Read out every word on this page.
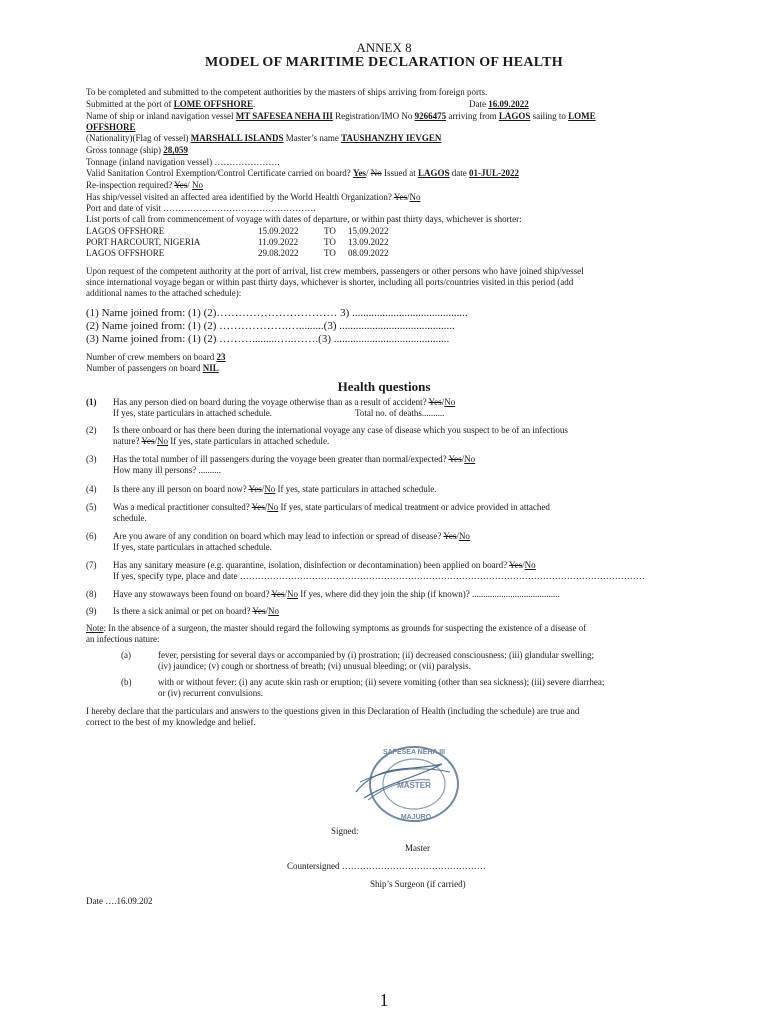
ANNEX 8
MODEL OF MARITIME DECLARATION OF HEALTH
To be completed and submitted to the competent authorities by the masters of ships arriving from foreign ports.
Submitted at the port of LOME OFFSHORE.	Date 16.09.2022
Name of ship or inland navigation vessel MT SAFESEA NEHA III Registration/IMO No 9266475 arriving from LAGOS sailing to LOME
OFFSHORE
(Nationality)(Flag of vessel) MARSHALL ISLANDS Master’s name TAUSHANZHY IEVGEN
Gross tonnage (ship) 28,059
Tonnage (inland navigation vessel) ………………….
Valid Sanitation Control Exemption/Control Certificate carried on board? Yes/ No Issued at LAGOS date 01-JUL-2022
Re-inspection required? Yes/ No
Has ship/vessel visited an affected area identified by the World Health Organization? Yes/No
Port and date of visit ……………………………………………
List ports of call from commencement of voyage with dates of departure, or within past thirty days, whichever is shorter:
LAGOS OFFSHORE	15.09.2022	TO 15.09.2022
PORT HARCOURT, NIGERIA	11.09.2022	TO 13.09.2022
LAGOS OFFSHORE	29.08.2022	TO 08.09.2022
Upon request of the competent authority at the port of arrival, list crew members, passengers or other persons who have joined ship/vessel
since international voyage began or within past thirty days, whichever is shorter, including all ports/countries visited in this period (add
additional names to the attached schedule):
(1) Name joined from: (1) (2)…………………………… 3) ..........................................
(2) Name joined from: (1) (2) ……………….….........(3) ..........................................
(3) Name joined from: (1) (2) ……….........…..…….(3) ..........................................
Number of crew members on board 23
Number of passengers on board NIL
Health questions
(1) Has any person died on board during the voyage otherwise than as a result of accident? Yes/No
If yes, state particulars in attached schedule.	Total no. of deaths..........
(2) Is there onboard or has there been during the international voyage any case of disease which you suspect to be of an infectious
nature? Yes/No If yes, state particulars in attached schedule.
(3) Has the total number of ill passengers during the voyage been greater than normal/expected? Yes/No
How many ill persons? ..........
(4) Is there any ill person on board now? Yes/No If yes, state particulars in attached schedule.
(5) Was a medical practitioner consulted? Yes/No If yes, state particulars of medical treatment or advice provided in attached
schedule.
(6) Are you aware of any condition on board which may lead to infection or spread of disease? Yes/No
If yes, state particulars in attached schedule.
(7) Has any sanitary measure (e.g. quarantine, isolation, disinfection or decontamination) been applied on board? Yes/No
If yes, specify type, place and date ………………………………………………………………………………………………………………………
(8) Have any stowaways been found on board? Yes/No If yes, where did they join the ship (if known)? .......................................
(9) Is there a sick animal or pet on board? Yes/No
Note: In the absence of a surgeon, the master should regard the following symptoms as grounds for suspecting the existence of a disease of
an infectious nature:
(a)	fever, persisting for several days or accompanied by (i) prostration; (ii) decreased consciousness; (iii) glandular swelling;
(iv) jaundice; (v) cough or shortness of breath; (vi) unusual bleeding; or (vii) paralysis.
(b)	with or without fever: (i) any acute skin rash or eruption; (ii) severe vomiting (other than sea sickness); (iii) severe diarrhea;
or (iv) recurrent convulsions.
I hereby declare that the particulars and answers to the questions given in this Declaration of Health (including the schedule) are true and
correct to the best of my knowledge and belief.
SAFESEA NEHA III
MASTER
MAJURO
Signed:
Master
Countersigned …………………………………………
Ship’s Surgeon (if carried)
Date ….16.09.202
1
